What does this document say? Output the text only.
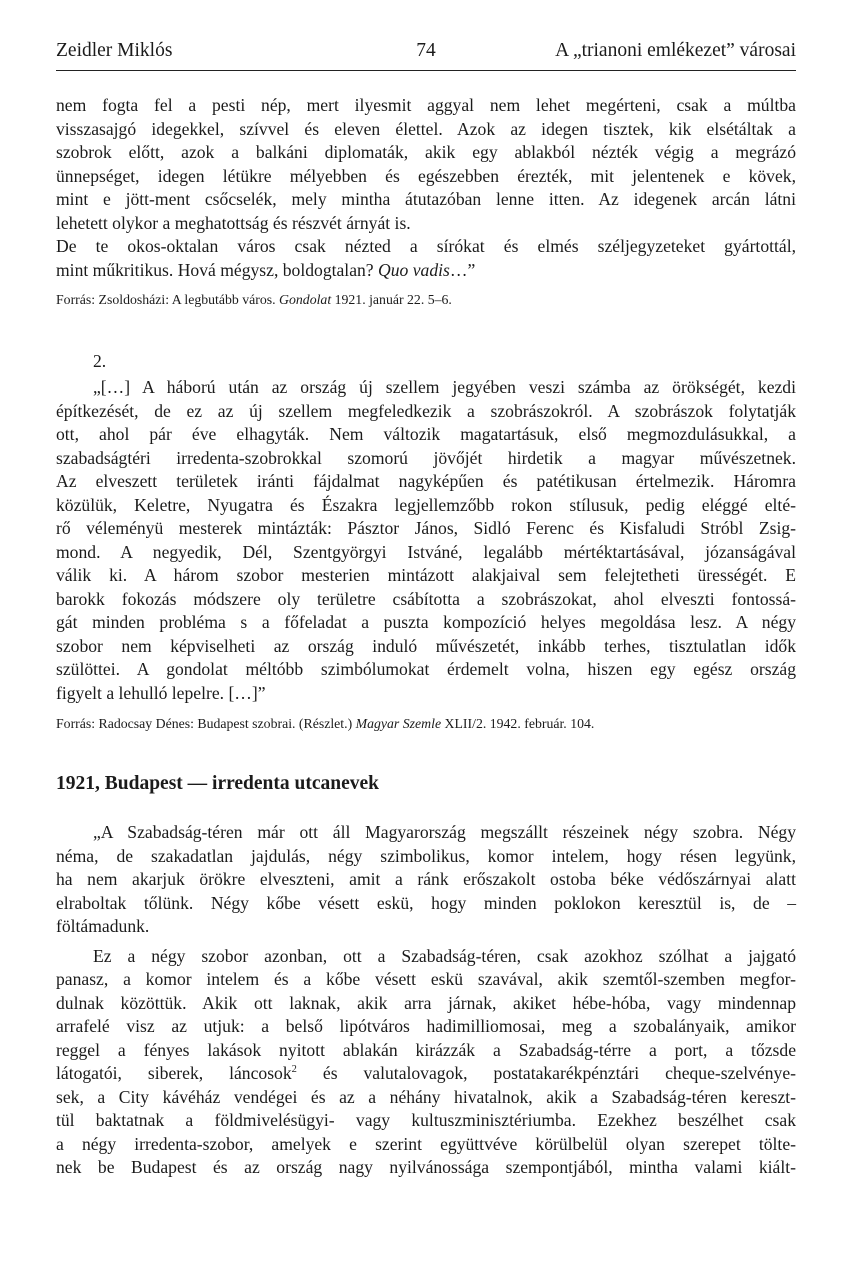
Zeidler Miklós	74	A „trianoni emlékezet” városai

nem fogta fel a pesti nép, mert ilyesmit aggyal nem lehet megérteni, csak a múltba
visszasajgó idegekkel, szívvel és eleven élettel. Azok az idegen tisztek, kik elsétáltak a
szobrok előtt, azok a balkáni diplomaták, akik egy ablakból nézték végig a megrázó
ünnepséget, idegen létükre mélyebben és egészebben érezték, mit jelentenek e kövek,
mint e jött-ment csőcselék, mely mintha átutazóban lenne itten. Az idegenek arcán látni
lehetett olykor a meghatottság és részvét árnyát is.

De te okos-oktalan város csak nézted a sírókat és elmés széljegyzeteket gyártottál,
mint műkritikus. Hová mégysz, boldogtalan? Quo vadis…”

Forrás: Zsoldosházi: A legbutább város. Gondolat 1921. január 22. 5–6.

2.

„[…] A háború után az ország új szellem jegyében veszi számba az örökségét, kezdi
építkezését, de ez az új szellem megfeledkezik a szobrászokról. A szobrászok folytatják
ott, ahol pár éve elhagyták. Nem változik magatartásuk, első megmozdulásukkal, a
szabadságtéri irredenta-szobrokkal szomorú jövőjét hirdetik a magyar művészetnek.
Az elveszett területek iránti fájdalmat nagyképűen és patétikusan értelmezik. Háromra
közülük, Keletre, Nyugatra és Északra legjellemzőbb rokon stílusuk, pedig eléggé elté-
rő véleményü mesterek mintázták: Pásztor János, Sidló Ferenc és Kisfaludi Stróbl Zsig-
mond. A negyedik, Dél, Szentgyörgyi Istváné, legalább mértéktartásával, józanságával
válik ki. A három szobor mesterien mintázott alakjaival sem felejtetheti ürességét. E
barokk fokozás módszere oly területre csábította a szobrászokat, ahol elveszti fontossá-
gát minden probléma s a főfeladat a puszta kompozíció helyes megoldása lesz. A négy
szobor nem képviselheti az ország induló művészetét, inkább terhes, tisztulatlan idők
szülöttei. A gondolat méltóbb szimbólumokat érdemelt volna, hiszen egy egész ország
figyelt a lehulló lepelre. […]”

Forrás: Radocsay Dénes: Budapest szobrai. (Részlet.) Magyar Szemle XLII/2. 1942. február. 104.

1921, Budapest — irredenta utcanevek

„A Szabadság-téren már ott áll Magyarország megszállt részeinek négy szobra. Négy
néma, de szakadatlan jajdulás, négy szimbolikus, komor intelem, hogy résen legyünk,
ha nem akarjuk örökre elveszteni, amit a ránk erőszakolt ostoba béke védőszárnyai alatt
elraboltak tőlünk. Négy kőbe vésett eskü, hogy minden poklokon keresztül is, de –
föltámadunk.

Ez a négy szobor azonban, ott a Szabadság-téren, csak azokhoz szólhat a jajgató
panasz, a komor intelem és a kőbe vésett eskü szavával, akik szemtől-szemben megfor-
dulnak közöttük. Akik ott laknak, akik arra járnak, akiket hébe-hóba, vagy mindennap
arrafelé visz az utjuk: a belső lipótváros hadimilliomosai, meg a szobalányaik, amikor
reggel a fényes lakások nyitott ablakán kirázzák a Szabadság-térre a port, a tőzsde
látogatói, siberek, láncosok$^2$ és valutalovagok, postatakarékpénztári cheque-szelvénye-
sek, a City kávéház vendégei és az a néhány hivatalnok, akik a Szabadság-téren kereszt-
tül baktatnak a földmivelésügyi- vagy kultuszminisztériumba. Ezekhez beszélhet csak
a négy irredenta-szobor, amelyek e szerint együttvéve körülbelül olyan szerepet tölte-
nek be Budapest és az ország nagy nyilvánossága szempontjából, mintha valami kiált-
